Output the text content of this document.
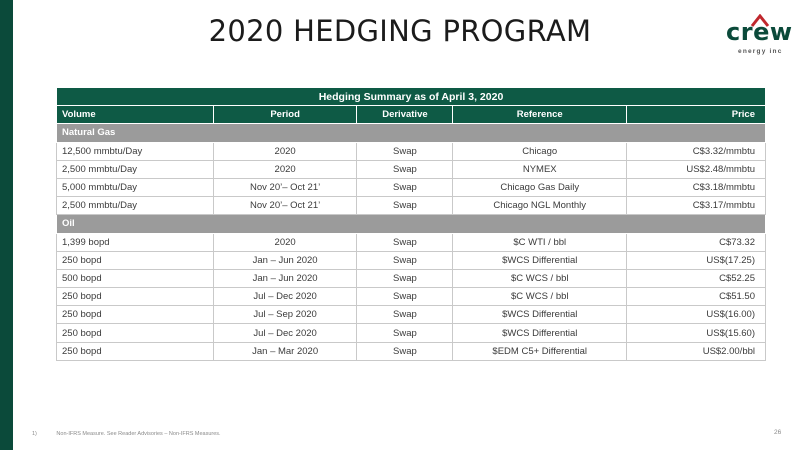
2020 HEDGING PROGRAM	crew
energy inc
Hedging Summary as of April 3, 2020				
Volume	Period	Derivative	Reference	Price
Natural Gas				
12,500 mmbtu/Day	2020	Swap	Chicago	C$3.32/mmbtu
2,500 mmbtu/Day	2020	Swap	NYMEX	US$2.48/mmbtu
5,000 mmbtu/Day	Nov 20’– Oct 21’	Swap	Chicago Gas Daily	C$3.18/mmbtu
2,500 mmbtu/Day	Nov 20’– Oct 21’	Swap	Chicago NGL Monthly	C$3.17/mmbtu
Oil				
1,399 bopd	2020	Swap	$C WTI / bbl	C$73.32
250 bopd	Jan – Jun 2020	Swap	$WCS Differential	US$(17.25)
500 bopd	Jan – Jun 2020	Swap	$C WCS / bbl	C$52.25
250 bopd	Jul – Dec 2020	Swap	$C WCS / bbl	C$51.50
250 bopd	Jul – Sep 2020	Swap	$WCS Differential	US$(16.00)
250 bopd	Jul – Dec 2020	Swap	$WCS Differential	US$(15.60)
250 bopd	Jan – Mar 2020	Swap	$EDM C5+ Differential	US$2.00/bbl
1)	Non-IFRS Measure. See Reader Advisories – Non-IFRS Measures.	26
